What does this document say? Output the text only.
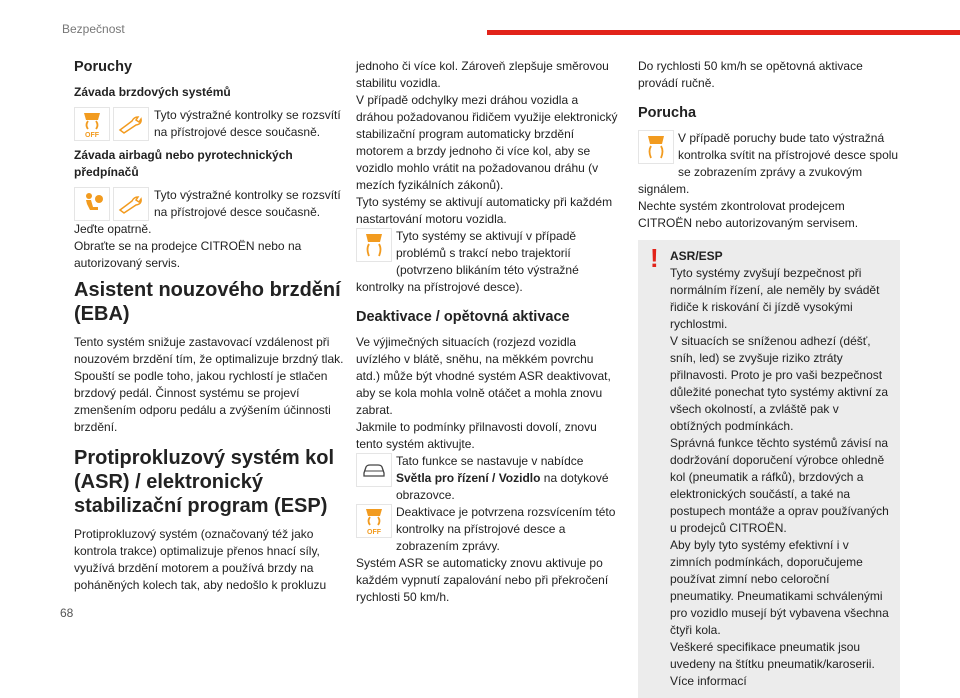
Bezpečnost
Poruchy
Závada brzdových systémů
OFF
Tyto výstražné kontrolky se rozsvítí na přístrojové desce současně.
Závada airbagů nebo pyrotechnických předpínačů
Tyto výstražné kontrolky se rozsvítí na přístrojové desce současně.

Jeďte opatrně.

Obraťte se na prodejce CITROËN nebo na autorizovaný servis.

Asistent nouzového brzdění (EBA)

Tento systém snižuje zastavovací vzdálenost při nouzovém brzdění tím, že optimalizuje brzdný tlak.

Spouští se podle toho, jakou rychlostí je stlačen brzdový pedál. Činnost systému se projeví zmenšením odporu pedálu a zvýšením účinnosti brzdění.

Protiprokluzový systém kol (ASR) / elektronický stabilizační program (ESP)

Protiprokluzový systém (označovaný též jako kontrola trakce) optimalizuje přenos hnací síly, využívá brzdění motorem a používá brzdy na poháněných kolech tak, aby nedošlo k prokluzu

jednoho či více kol. Zároveň zlepšuje směrovou stabilitu vozidla.

V případě odchylky mezi dráhou vozidla a dráhou požadovanou řidičem využije elektronický stabilizační program automaticky brzdění motorem a brzdy jednoho či více kol, aby se vozidlo mohlo vrátit na požadovanou dráhu (v mezích fyzikálních zákonů).

Tyto systémy se aktivují automaticky při každém nastartování motoru vozidla.

Tyto systémy se aktivují v případě problémů s trakcí nebo trajektorií (potvrzeno blikáním této výstražné kontrolky na přístrojové desce).

Deaktivace / opětovná aktivace

Ve výjimečných situacích (rozjezd vozidla uvízlého v blátě, sněhu, na měkkém povrchu atd.) může být vhodné systém ASR deaktivovat, aby se kola mohla volně otáčet a mohla znovu zabrat.

Jakmile to podmínky přilnavosti dovolí, znovu tento systém aktivujte.

Tato funkce se nastavuje v nabídce Světla pro řízení / Vozidlo na dotykové obrazovce.

OFF
Deaktivace je potvrzena rozsvícením této kontrolky na přístrojové desce a zobrazením zprávy.

Systém ASR se automaticky znovu aktivuje po každém vypnutí zapalování nebo při překročení rychlosti 50 km/h.

Do rychlosti 50 km/h se opětovná aktivace provádí ručně.

Porucha

V případě poruchy bude tato výstražná kontrolka svítit na přístrojové desce spolu se zobrazením zprávy a zvukovým signálem.

Nechte systém zkontrolovat prodejcem CITROËN nebo autorizovaným servisem.

! ASR/ESP

Tyto systémy zvyšují bezpečnost při normálním řízení, ale neměly by svádět řidiče k riskování či jízdě vysokými rychlostmi.

V situacích se sníženou adhezí (déšť, sníh, led) se zvyšuje riziko ztráty přilnavosti. Proto je pro vaši bezpečnost důležité ponechat tyto systémy aktivní za všech okolností, a zvláště pak v obtížných podmínkách.

Správná funkce těchto systémů závisí na dodržování doporučení výrobce ohledně kol (pneumatik a ráfků), brzdových a elektronických součástí, a také na postupech montáže a oprav používaných u prodejců CITROËN.

Aby byly tyto systémy efektivní i v zimních podmínkách, doporučujeme používat zimní nebo celoroční pneumatiky. Pneumatikami schválenými pro vozidlo musejí být vybavena všechna čtyři kola.

Veškeré specifikace pneumatik jsou uvedeny na štítku pneumatik/karoserii. Více informací

68
